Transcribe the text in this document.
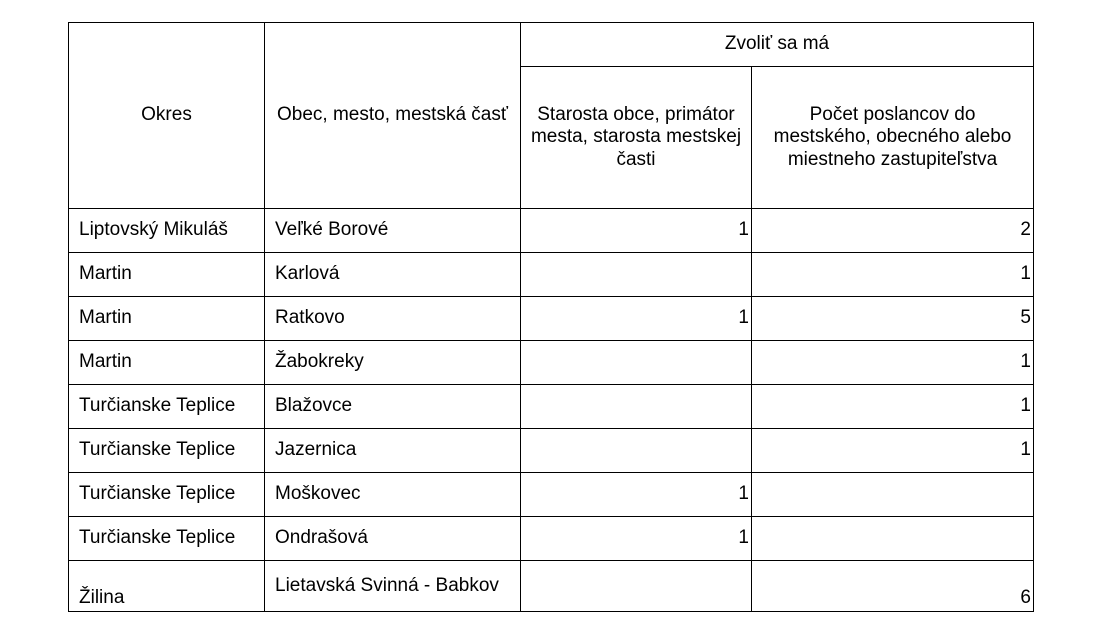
Okres	Obec, mesto, mestská časť	Zvoliť sa má	
		Starosta obce, primátor mesta, starosta mestskej časti	Počet poslancov do mestského, obecného alebo miestneho zastupiteľstva
Liptovský Mikuláš	Veľké Borové	1	2
Martin	Karlová		1
Martin	Ratkovo	1	5
Martin	Žabokreky		1
Turčianske Teplice	Blažovce		1
Turčianske Teplice	Jazernica		1
Turčianske Teplice	Moškovec	1	
Turčianske Teplice	Ondrašová	1	
Žilina	Lietavská Svinná - Babkov		6
